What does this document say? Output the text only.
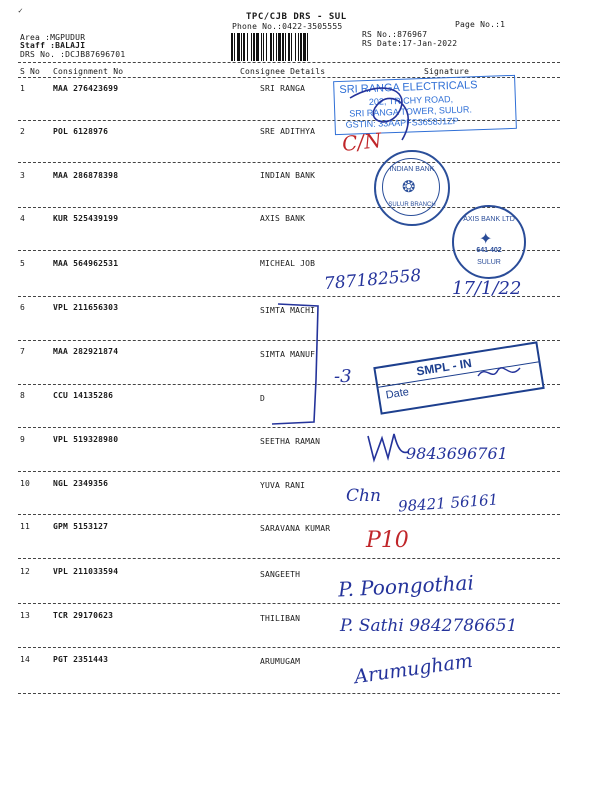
✓
TPC/CJB DRS - SUL
Phone No.:0422-3505555	Page No.:1
RS No.:876967
RS Date:17-Jan-2022
Area :MGPUDUR
Staff :BALAJI
DRS No. :DCJB87696701
S No Consignment No	Consignee Details	Signature
1	MAA 276423699	SRI RANGA
2	POL 6128976	SRE ADITHYA
3	MAA 286878398	INDIAN BANK
4	KUR 525439199	AXIS BANK
5	MAA 564962531	MICHEAL JOB
6	VPL 211656303	SIMTA MACHI
7	MAA 282921874	SIMTA MANUF
8	CCU 14135286	D
9	VPL 519328980	SEETHA RAMAN
10	NGL 2349356	YUVA RANI
11	GPM 5153127	SARAVANA KUMAR
12	VPL 211033594	SANGEETH
13	TCR 29170623	THILIBAN
14	PGT 2351443	ARUMUGAM
SRI RANGA ELECTRICALS
202, TRICHY ROAD,
SRI RANGA TOWER, SULUR.
GSTIN: 33AAPFS3658J1ZP
INDIAN BANK
❂
SULUR BRANCH
AXIS BANK LTD
✦
641 402
SULUR
SMPL - IN
Date
C/N
787182558 17/1/22
-3
9843696761
Chn 98421 56161
P10
P. Poongothai
P. Sathi 9842786651
Arumugham
